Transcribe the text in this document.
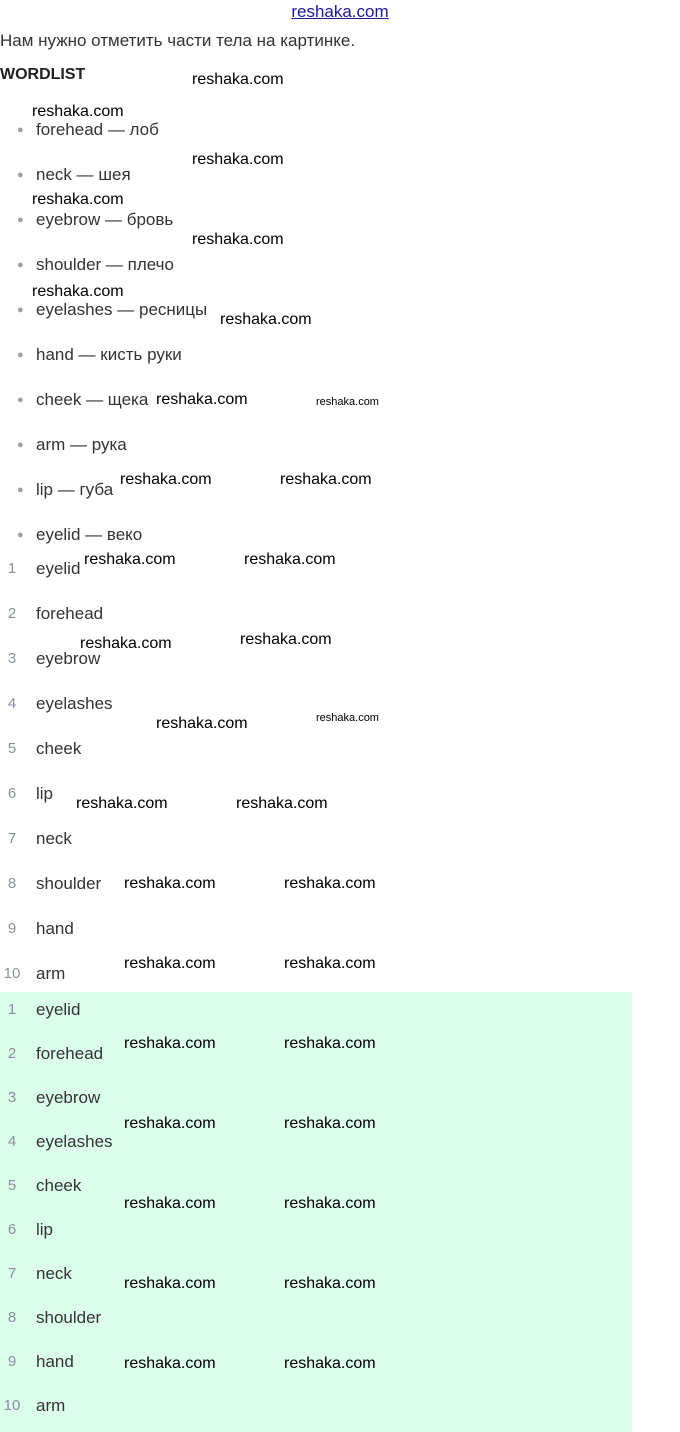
reshaka.com
Нам нужно отметить части тела на картинке.
WORDLIST
● forehead — лоб
● neck — шея
● eyebrow — бровь
● shoulder — плечо
● eyelashes — ресницы
● hand — кисть руки
● cheek — щека
● arm — рука
● lip — губа
● eyelid — веко
1	eyelid
2	forehead
3	eyebrow
4	eyelashes
5	cheek
6	lip
7	neck
8	shoulder
9	hand
10 arm
1	eyelid
2	forehead
3	eyebrow
4	eyelashes
5	cheek
6	lip
7	neck
8	shoulder
9	hand
10 arm
reshaka.com
reshaka.com
reshaka.com
reshaka.com
reshaka.com
reshaka.com
reshaka.com
reshaka.com	reshaka.com
reshaka.com	reshaka.com
reshaka.com	reshaka.com
reshaka.com	reshaka.com
reshaka.com	reshaka.com
reshaka.com	reshaka.com
reshaka.com	reshaka.com
reshaka.com	reshaka.com
reshaka.com	reshaka.com
reshaka.com	reshaka.com
reshaka.com	reshaka.com
reshaka.com	reshaka.com
reshaka.com	reshaka.com
